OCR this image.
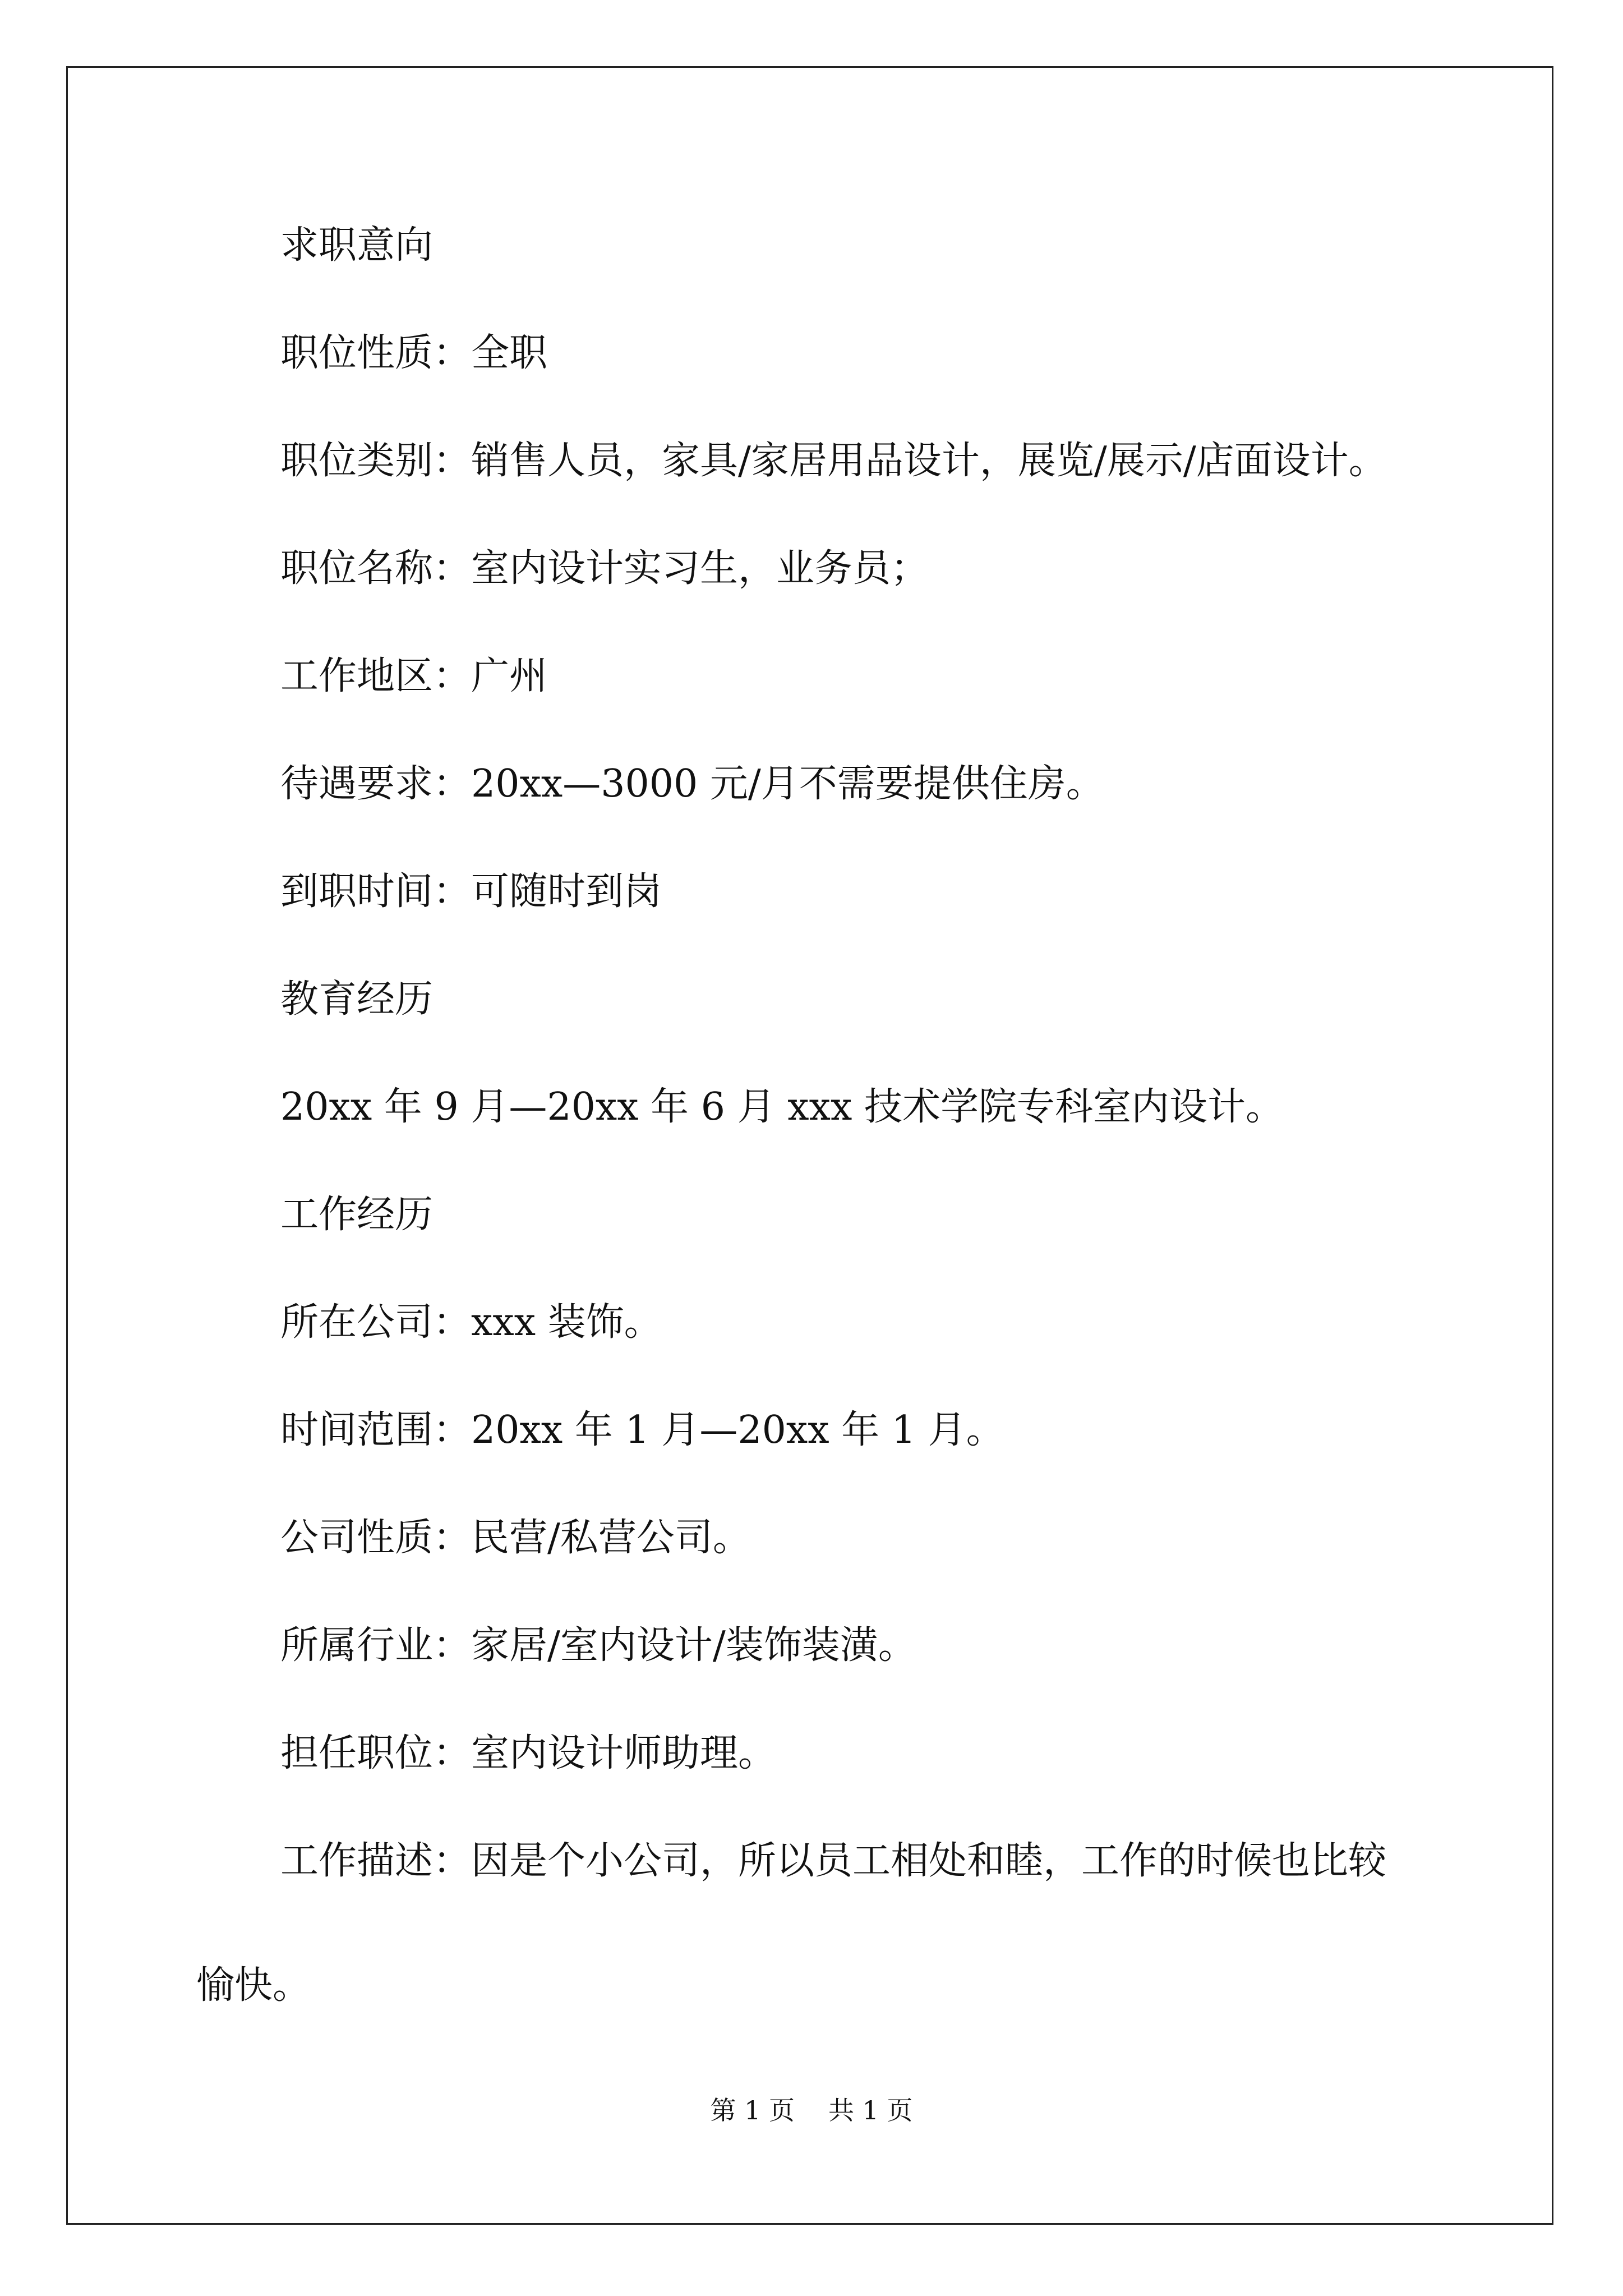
求职意向

职位性质：全职

职位类别：销售人员，家具/家居用品设计，展览/展示/店面设计。

职位名称：室内设计实习生，业务员；

工作地区：广州

待遇要求：20xx—3000 元/月不需要提供住房。

到职时间：可随时到岗

教育经历

20xx 年 9 月—20xx 年 6 月 xxx 技术学院专科室内设计。

工作经历

所在公司：xxx 装饰。

时间范围：20xx 年 1 月—20xx 年 1 月。

公司性质：民营/私营公司。

所属行业：家居/室内设计/装饰装潢。

担任职位：室内设计师助理。

工作描述：因是个小公司，所以员工相处和睦，工作的时候也比较愉快。

第 1 页 共 1 页
